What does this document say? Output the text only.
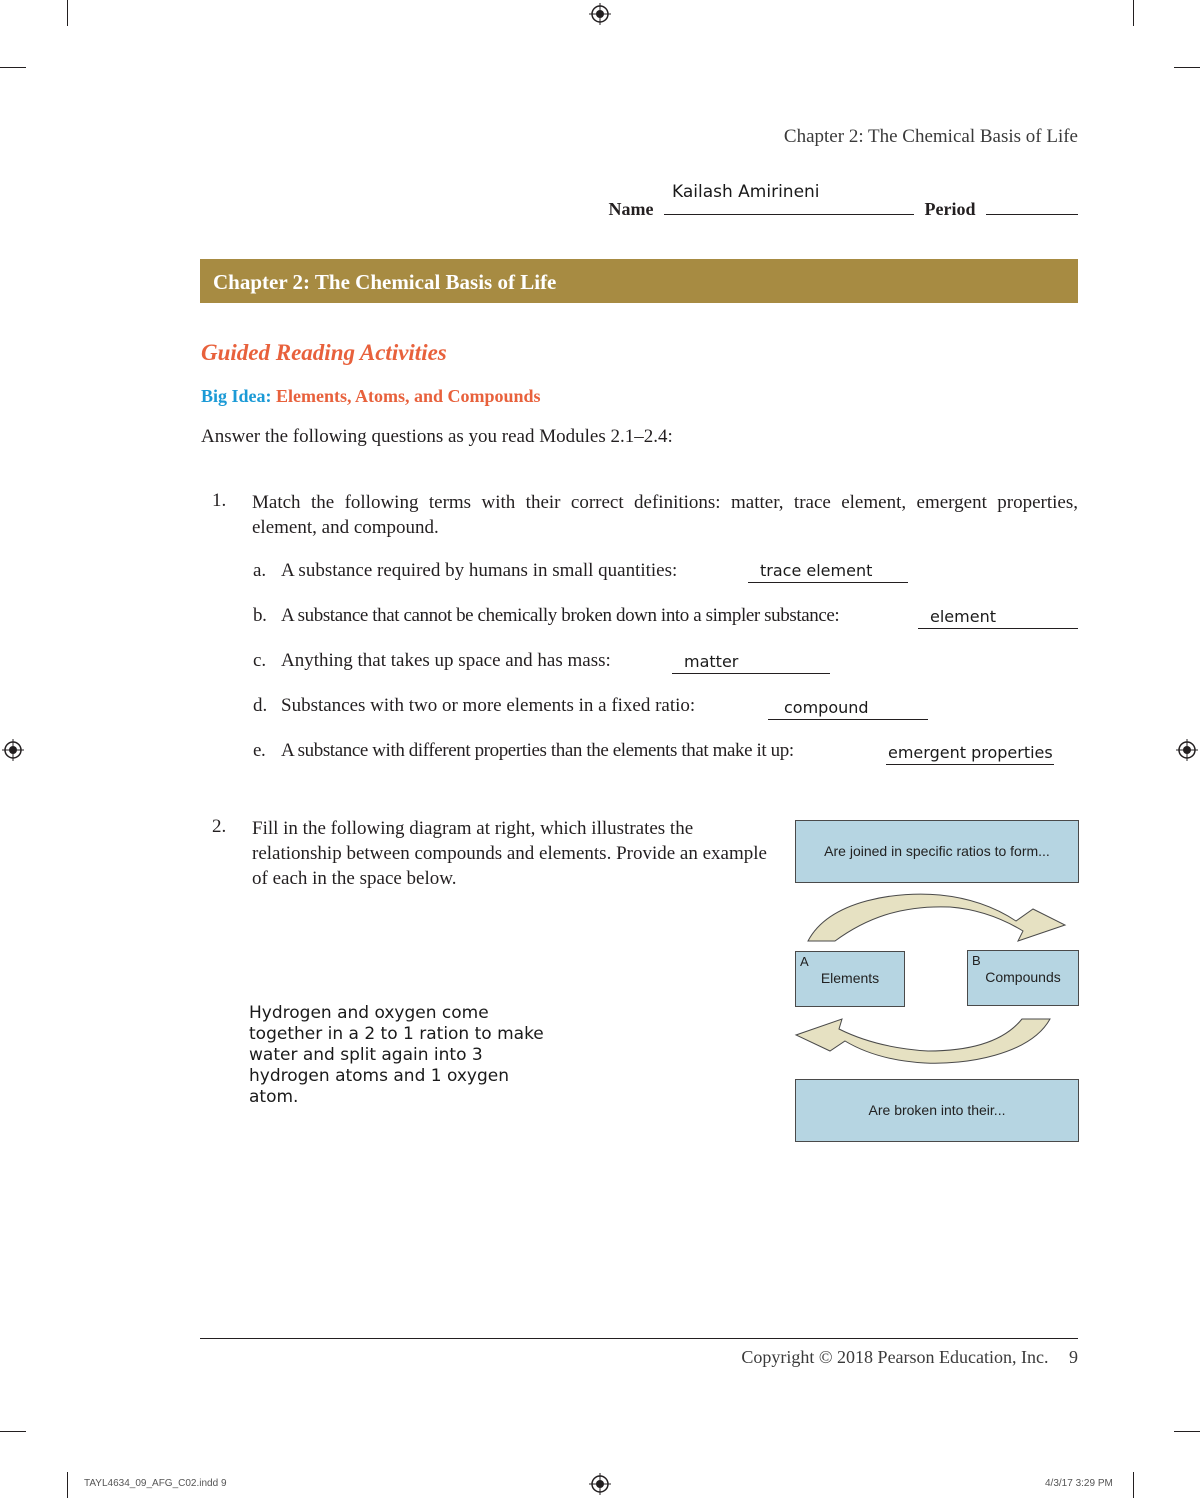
Chapter 2: The Chemical Basis of Life
Name
Kailash Amirineni
Period
Chapter 2: The Chemical Basis of Life
Guided Reading Activities
Big Idea: Elements, Atoms, and Compounds
Answer the following questions as you read Modules 2.1–2.4:
1. Match the following terms with their correct definitions: matter, trace element, emergent properties, element, and compound.
a. A substance required by humans in small quantities:	trace element
b. A substance that cannot be chemically broken down into a simpler substance:	element
c. Anything that takes up space and has mass:	matter
d. Substances with two or more elements in a fixed ratio:	compound
e. A substance with different properties than the elements that make it up:	emergent properties
2. Fill in the following diagram at right, which illustrates the relationship between compounds and elements. Provide an example of each in the space below.
Hydrogen and oxygen come together in a 2 to 1 ration to make water and split again into 3 hydrogen atoms and 1 oxygen atom.
Are joined in specific ratios to form...
A
Elements
B
Compounds
Are broken into their...
Copyright © 2018 Pearson Education, Inc. 9
TAYL4634_09_AFG_C02.indd 9	4/3/17 3:29 PM
